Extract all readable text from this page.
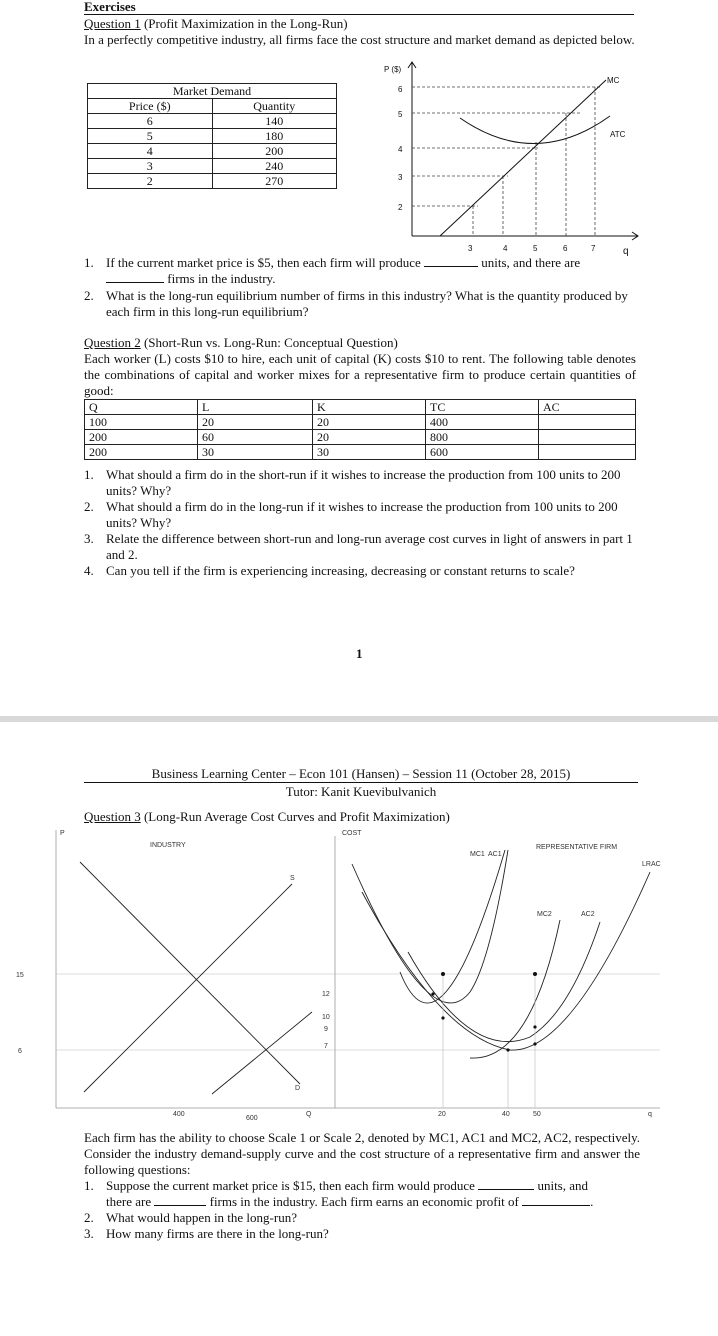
Exercises
Question 1 (Profit Maximization in the Long-Run)
In a perfectly competitive industry, all firms face the cost structure and market demand as depicted below.
Market Demand	
Price ($)	Quantity
6	140
5	180
4	200
3	240
2	270
P ($)
6
5
4
3
2
3	4	5	6	7	q
MC
ATC
1. If the current market price is $5, then each firm will produce	units, and there are
firms in the industry.
2. What is the long-run equilibrium number of firms in this industry? What is the quantity produced by each firm in this long-run equilibrium?
Question 2 (Short-Run vs. Long-Run: Conceptual Question)
Each worker (L) costs $10 to hire, each unit of capital (K) costs $10 to rent. The following table denotes the combinations of capital and worker mixes for a representative firm to produce certain quantities of good:
Q	L	K	TC	AC
100	20	20	400	
200	60	20	800	
200	30	30	600	
1. What should a firm do in the short-run if it wishes to increase the production from 100 units to 200 units? Why?
2. What should a firm do in the long-run if it wishes to increase the production from 100 units to 200 units? Why?
3. Relate the difference between short-run and long-run average cost curves in light of answers in part 1 and 2.
4. Can you tell if the firm is experiencing increasing, decreasing or constant returns to scale?
1
Business Learning Center – Econ 101 (Hansen) – Session 11 (October 28, 2015)
Tutor: Kanit Kuevibulvanich
Question 3 (Long-Run Average Cost Curves and Profit Maximization)
P	COST
INDUSTRY	REPRESENTATIVE FIRM
LRAC
S
D
MC1 AC1
MC2	AC2
15
6
12
10
9
7
400
600
Q	20	40	50	q
Each firm has the ability to choose Scale 1 or Scale 2, denoted by MC1, AC1 and MC2, AC2, respectively. Consider the industry demand-supply curve and the cost structure of a representative firm and answer the following questions:
1. Suppose the current market price is $15, then each firm would produce	units, and
there are	firms in the industry. Each firm earns an economic profit of	.
2. What would happen in the long-run?
3. How many firms are there in the long-run?
